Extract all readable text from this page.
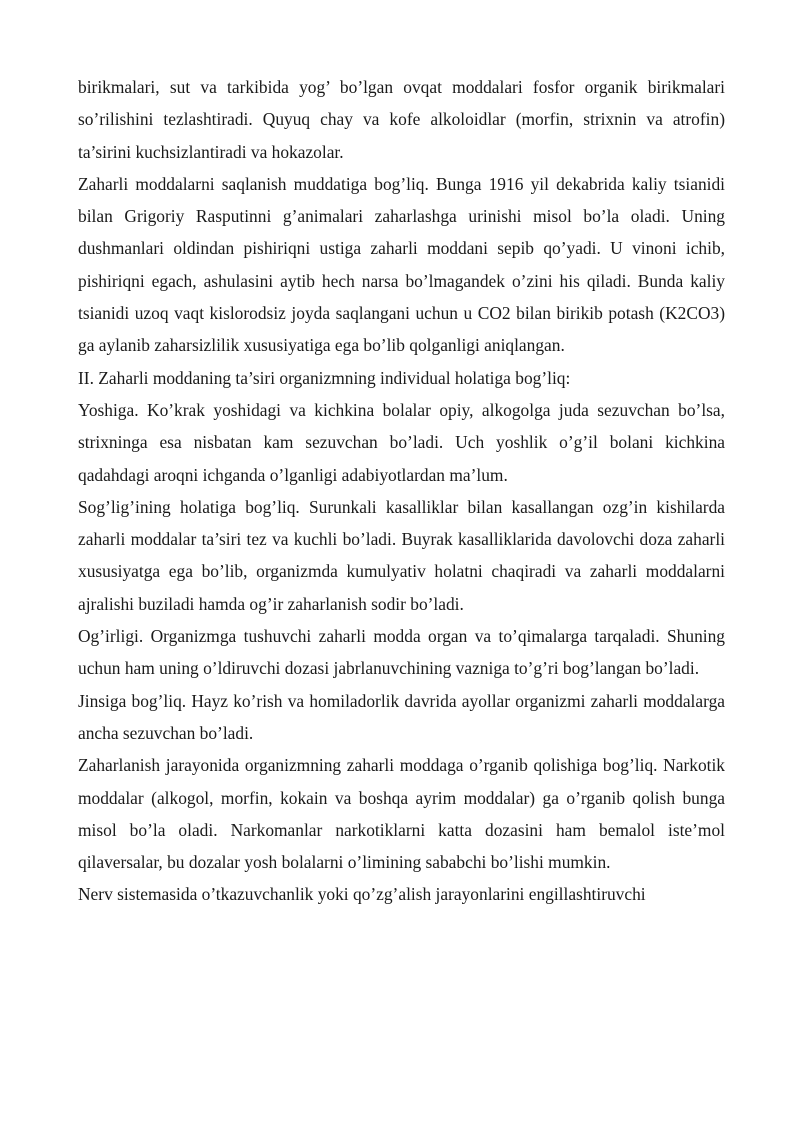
birikmalari, sut va tarkibida yog’ bo’lgan ovqat moddalari fosfor organik birikmalari so’rilishini tezlashtiradi. Quyuq chay va kofe alkoloidlar (morfin, strixnin va atrofin) ta’sirini kuchsizlantiradi va hokazolar.

Zaharli moddalarni saqlanish muddatiga bog’liq. Bunga 1916 yil dekabrida kaliy tsianidi bilan Grigoriy Rasputinni g’animalari zaharlashga urinishi misol bo’la oladi. Uning dushmanlari oldindan pishiriqni ustiga zaharli moddani sepib qo’yadi. U vinoni ichib, pishiriqni egach, ashulasini aytib hech narsa bo’lmagandek o’zini his qiladi. Bunda kaliy tsianidi uzoq vaqt kislorodsiz joyda saqlangani uchun u CO2 bilan birikib potash (K2CO3) ga aylanib zaharsizlilik xususiyatiga ega bo’lib qolganligi aniqlangan.

II. Zaharli moddaning ta’siri organizmning individual holatiga bog’liq:

Yoshiga. Ko’krak yoshidagi va kichkina bolalar opiy, alkogolga juda sezuvchan bo’lsa, strixninga esa nisbatan kam sezuvchan bo’ladi. Uch yoshlik o’g’il bolani kichkina qadahdagi aroqni ichganda o’lganligi adabiyotlardan ma’lum.

Sog’lig’ining holatiga bog’liq. Surunkali kasalliklar bilan kasallangan ozg’in kishilarda zaharli moddalar ta’siri tez va kuchli bo’ladi. Buyrak kasalliklarida davolovchi doza zaharli xususiyatga ega bo’lib, organizmda kumulyativ holatni chaqiradi va zaharli moddalarni ajralishi buziladi hamda og’ir zaharlanish sodir bo’ladi.

Og’irligi. Organizmga tushuvchi zaharli modda organ va to’qimalarga tarqaladi. Shuning uchun ham uning o’ldiruvchi dozasi jabrlanuvchining vazniga to’g’ri bog’langan bo’ladi.

Jinsiga bog’liq. Hayz ko’rish va homiladorlik davrida ayollar organizmi zaharli moddalarga ancha sezuvchan bo’ladi.

Zaharlanish jarayonida organizmning zaharli moddaga o’rganib qolishiga bog’liq. Narkotik moddalar (alkogol, morfin, kokain va boshqa ayrim moddalar) ga o’rganib qolish bunga misol bo’la oladi. Narkomanlar narkotiklarni katta dozasini ham bemalol iste’mol qilaversalar, bu dozalar yosh bolalarni o’limining sababchi bo’lishi mumkin.

Nerv sistemasida o’tkazuvchanlik yoki qo’zg’alish jarayonlarini engillashtiruvchi
